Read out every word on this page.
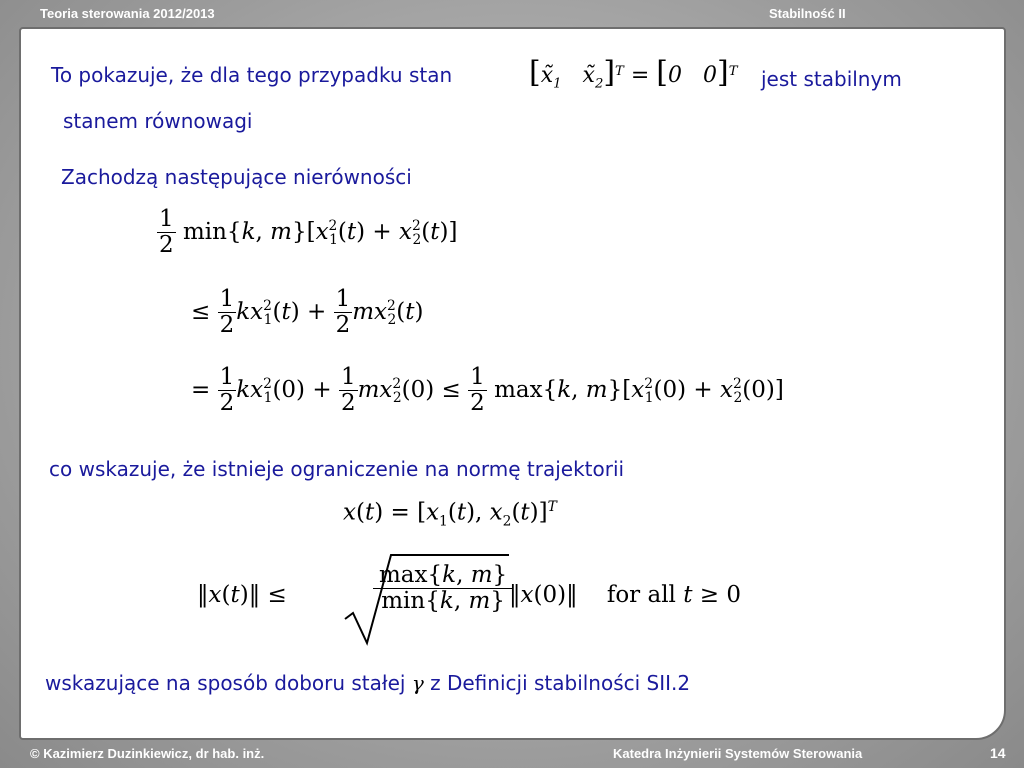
Teoria sterowania 2012/2013	Stabilność II
To pokazuje, że dla tego przypadku stan	[$x̃_1$ $x̃_2]^T = [0$ 0]$^T$ jest stabilnym
stanem równowagi
Zachodzą następujące nierówności
$\frac{1}{2} \min\{k$, $m\}[x^2_1(t) + x^2_2(t)]$
≤ $\frac{1}{2} kx^2_1(t) + \frac{1}{2} mx^2_2(t)$
= $\frac{1}{2} kx^2_1(0) + \frac{1}{2} mx^2_2(0) \le \frac{1}{2} \max\{k$, $m\}[x^2_1(0) + x^2_2(0)]$
co wskazuje, że istnieje ograniczenie na normę trajektorii
$x(t) = [x_1(t)$, $x_2(t)]^T$
‖x(t)‖ ≤	$\frac{\max\{k, m\}}{\min\{k, m\}}$
‖x(0)‖    for all t ≥ 0
wskazujące na sposób doboru stałej γ z Definicji stabilności SII.2
© Kazimierz Duzinkiewicz, dr hab. inż.	Katedra Inżynierii Systemów Sterowania	14
